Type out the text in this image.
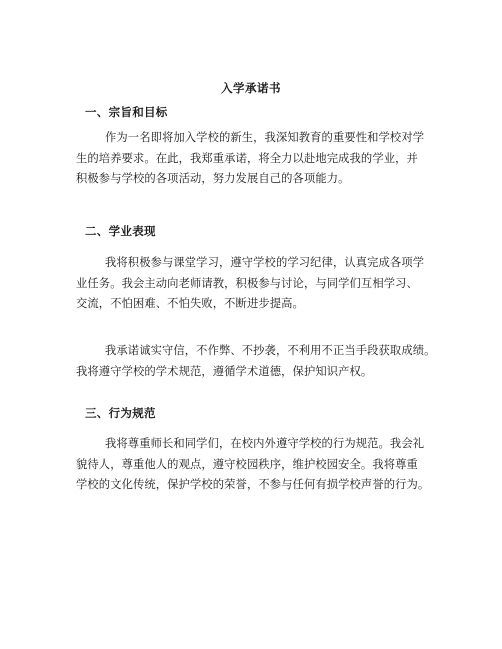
入学承诺书
一、宗旨和目标
作为一名即将加入学校的新生，我深知教育的重要性和学校对学
生的培养要求。在此，我郑重承诺，将全力以赴地完成我的学业，并
积极参与学校的各项活动，努力发展自己的各项能力。
二、学业表现
我将积极参与课堂学习，遵守学校的学习纪律，认真完成各项学
业任务。我会主动向老师请教，积极参与讨论，与同学们互相学习、
交流，不怕困难、不怕失败，不断进步提高。
我承诺诚实守信，不作弊、不抄袭，不利用不正当手段获取成绩。
我将遵守学校的学术规范，遵循学术道德，保护知识产权。
三、行为规范
我将尊重师长和同学们，在校内外遵守学校的行为规范。我会礼
貌待人，尊重他人的观点，遵守校园秩序，维护校园安全。我将尊重
学校的文化传统，保护学校的荣誉，不参与任何有损学校声誉的行为。
